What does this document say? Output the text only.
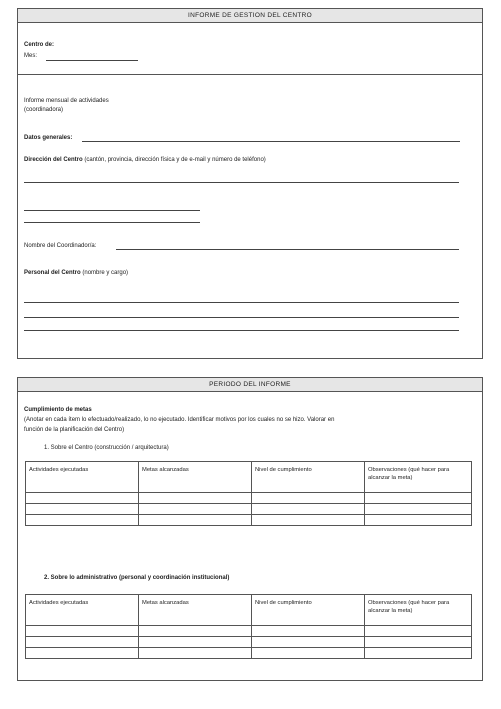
INFORME DE GESTION DEL CENTRO
Centro de:
Mes:
Informe mensual de actividades
(coordinadora)
Datos generales:
Dirección del Centro (cantón, provincia, dirección física y de e-mail y número de teléfono)
Nombre del Coordinador/a:
Personal del Centro (nombre y cargo)
PERIODO DEL INFORME
Cumplimiento de metas
(Anotar en cada ítem lo efectuado/realizado, lo no ejecutado. Identificar motivos por los cuales no se hizo. Valorar en
función de la planificación del Centro)
1. Sobre el Centro (construcción / arquitectura)
Actividades ejecutadas	Metas alcanzadas	Nivel de cumplimiento	Observaciones (qué hacer para alcanzar la meta)

2. Sobre lo administrativo (personal y coordinación institucional)
Actividades ejecutadas	Metas alcanzadas	Nivel de cumplimiento	Observaciones (qué hacer para alcanzar la meta)
